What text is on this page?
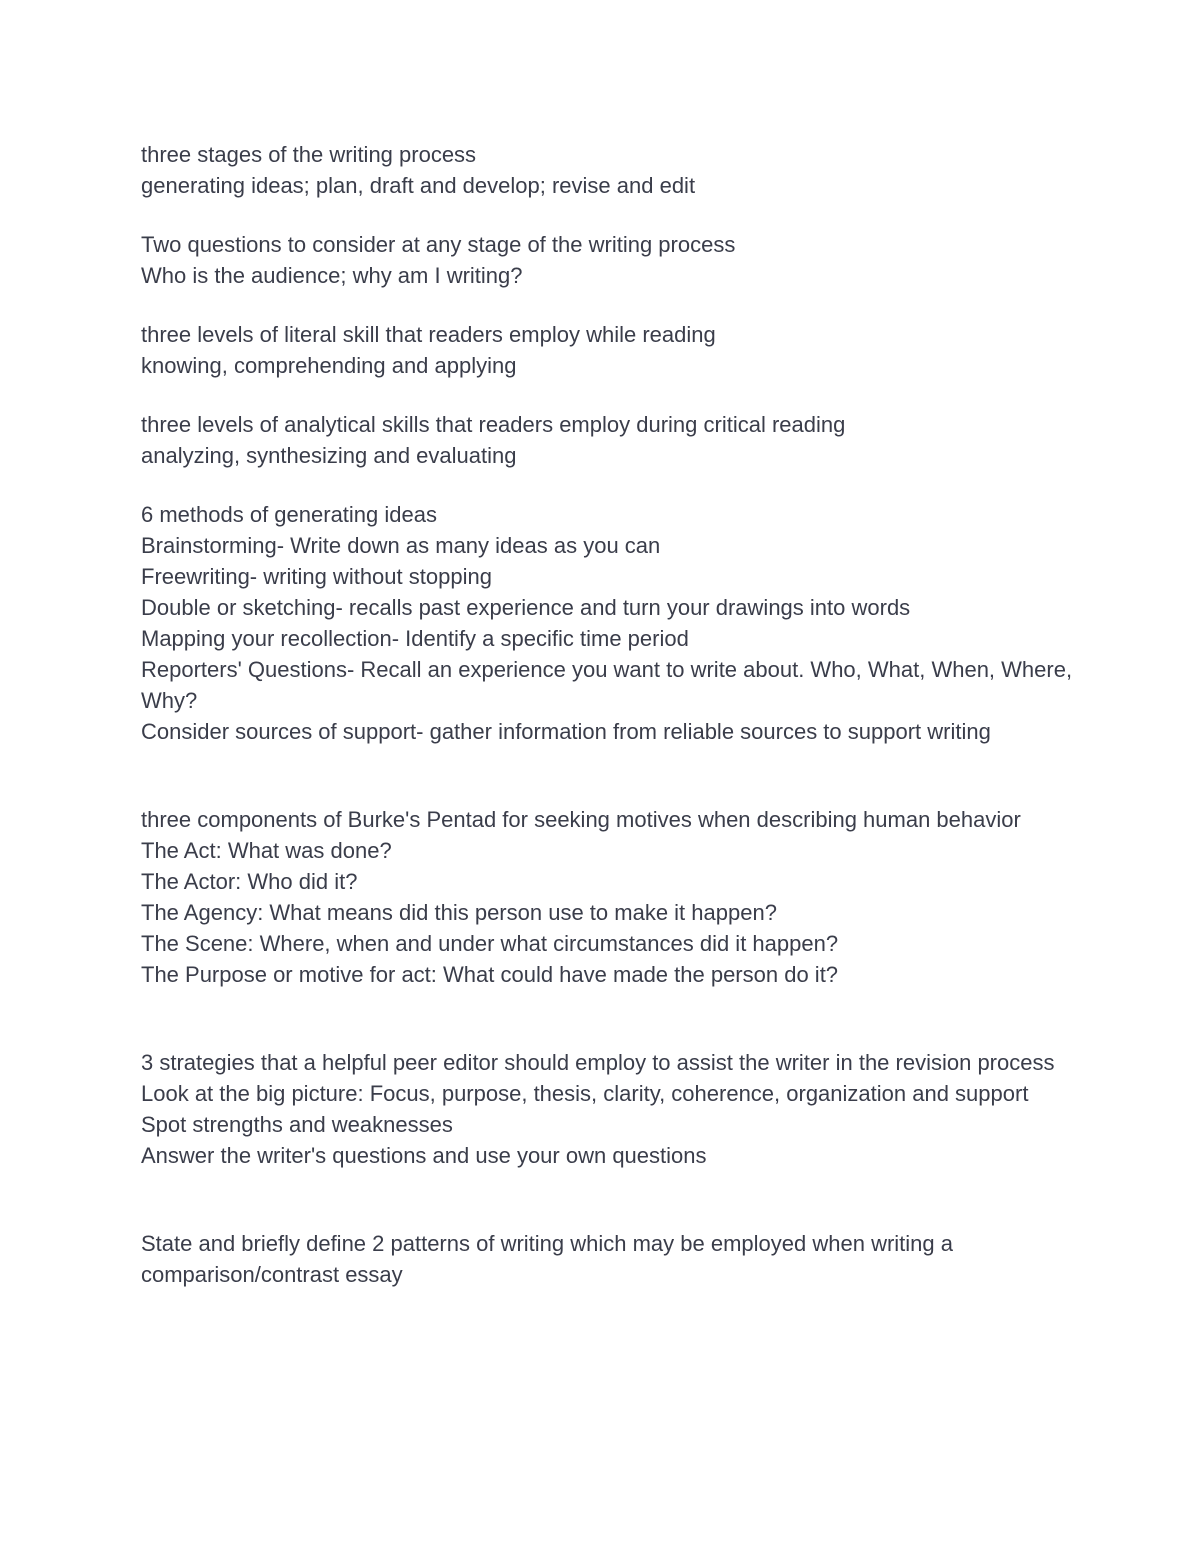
three stages of the writing process
generating ideas; plan, draft and develop; revise and edit
Two questions to consider at any stage of the writing process
Who is the audience; why am I writing?
three levels of literal skill that readers employ while reading
knowing, comprehending and applying
three levels of analytical skills that readers employ during critical reading
analyzing, synthesizing and evaluating
6 methods of generating ideas
Brainstorming- Write down as many ideas as you can
Freewriting- writing without stopping
Double or sketching- recalls past experience and turn your drawings into words
Mapping your recollection- Identify a specific time period
Reporters' Questions- Recall an experience you want to write about. Who, What, When, Where, Why?
Consider sources of support- gather information from reliable sources to support writing
three components of Burke's Pentad for seeking motives when describing human behavior
The Act: What was done?
The Actor: Who did it?
The Agency: What means did this person use to make it happen?
The Scene: Where, when and under what circumstances did it happen?
The Purpose or motive for act: What could have made the person do it?
3 strategies that a helpful peer editor should employ to assist the writer in the revision process
Look at the big picture: Focus, purpose, thesis, clarity, coherence, organization and support
Spot strengths and weaknesses
Answer the writer's questions and use your own questions
State and briefly define 2 patterns of writing which may be employed when writing a comparison/contrast essay
